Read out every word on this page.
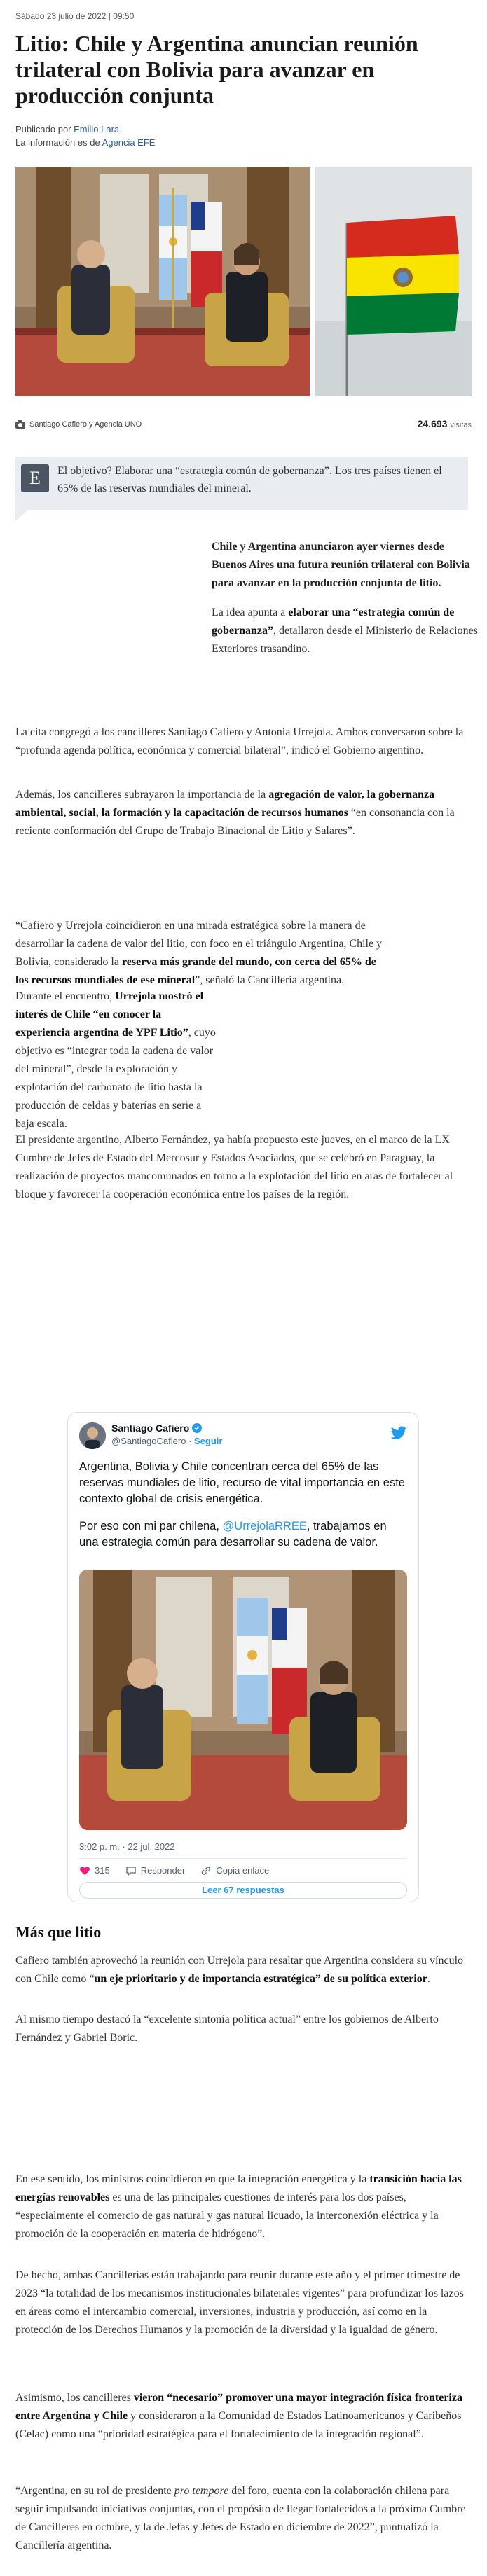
Sábado 23 julio de 2022 | 09:50
Litio: Chile y Argentina anuncian reunión trilateral con Bolivia para avanzar en producción conjunta
Publicado por Emilio Lara
La información es de Agencia EFE
Santiago Cafiero y Agencia UNO	24.693 visitas
E	El objetivo? Elaborar una “estrategia común de gobernanza”. Los tres países tienen el 65% de las reservas mundiales del mineral.

Chile y Argentina anunciaron ayer viernes desde Buenos Aires una futura reunión trilateral con Bolivia para avanzar en la producción conjunta de litio.

La idea apunta a elaborar una “estrategia común de gobernanza”, detallaron desde el Ministerio de Relaciones Exteriores trasandino.

La cita congregó a los cancilleres Santiago Cafiero y Antonia Urrejola. Ambos conversaron sobre la “profunda agenda política, económica y comercial bilateral”, indicó el Gobierno argentino.

Además, los cancilleres subrayaron la importancia de la agregación de valor, la gobernanza ambiental, social, la formación y la capacitación de recursos humanos “en consonancia con la reciente conformación del Grupo de Trabajo Binacional de Litio y Salares”.

“Cafiero y Urrejola coincidieron en una mirada estratégica sobre la manera de desarrollar la cadena de valor del litio, con foco en el triángulo Argentina, Chile y Bolivia, considerado la reserva más grande del mundo, con cerca del 65% de los recursos mundiales de ese mineral”, señaló la Cancillería argentina.

Durante el encuentro, Urrejola mostró el interés de Chile “en conocer la experiencia argentina de YPF Litio”, cuyo objetivo es “integrar toda la cadena de valor del mineral”, desde la exploración y explotación del carbonato de litio hasta la producción de celdas y baterías en serie a baja escala.

El presidente argentino, Alberto Fernández, ya había propuesto este jueves, en el marco de la LX Cumbre de Jefes de Estado del Mercosur y Estados Asociados, que se celebró en Paraguay, la realización de proyectos mancomunados en torno a la explotación del litio en aras de fortalecer al bloque y favorecer la cooperación económica entre los países de la región.

Santiago Cafiero
@SantiagoCafiero · Seguir

Argentina, Bolivia y Chile concentran cerca del 65% de las reservas mundiales de litio, recurso de vital importancia en este contexto global de crisis energética.

Por eso con mi par chilena, @UrrejolaRREE, trabajamos en una estrategia común para desarrollar su cadena de valor.

3:02 p. m. · 22 jul. 2022
315	Responder	Copia enlace
Leer 67 respuestas
Más que litio

Cafiero también aprovechó la reunión con Urrejola para resaltar que Argentina considera su vínculo con Chile como “un eje prioritario y de importancia estratégica” de su política exterior.

Al mismo tiempo destacó la “excelente sintonía política actual” entre los gobiernos de Alberto Fernández y Gabriel Boric.

En ese sentido, los ministros coincidieron en que la integración energética y la transición hacia las energías renovables es una de las principales cuestiones de interés para los dos países, “especialmente el comercio de gas natural y gas natural licuado, la interconexión eléctrica y la promoción de la cooperación en materia de hidrógeno”.

De hecho, ambas Cancillerías están trabajando para reunir durante este año y el primer trimestre de 2023 “la totalidad de los mecanismos institucionales bilaterales vigentes” para profundizar los lazos en áreas como el intercambio comercial, inversiones, industria y producción, así como en la protección de los Derechos Humanos y la promoción de la diversidad y la igualdad de género.

Asimismo, los cancilleres vieron “necesario” promover una mayor integración física fronteriza entre Argentina y Chile y consideraron a la Comunidad de Estados Latinoamericanos y Caribeños (Celac) como una “prioridad estratégica para el fortalecimiento de la integración regional”.

“Argentina, en su rol de presidente pro tempore del foro, cuenta con la colaboración chilena para seguir impulsando iniciativas conjuntas, con el propósito de llegar fortalecidos a la próxima Cumbre de Cancilleres en octubre, y la de Jefas y Jefes de Estado en diciembre de 2022”, puntualizó la Cancillería argentina.
